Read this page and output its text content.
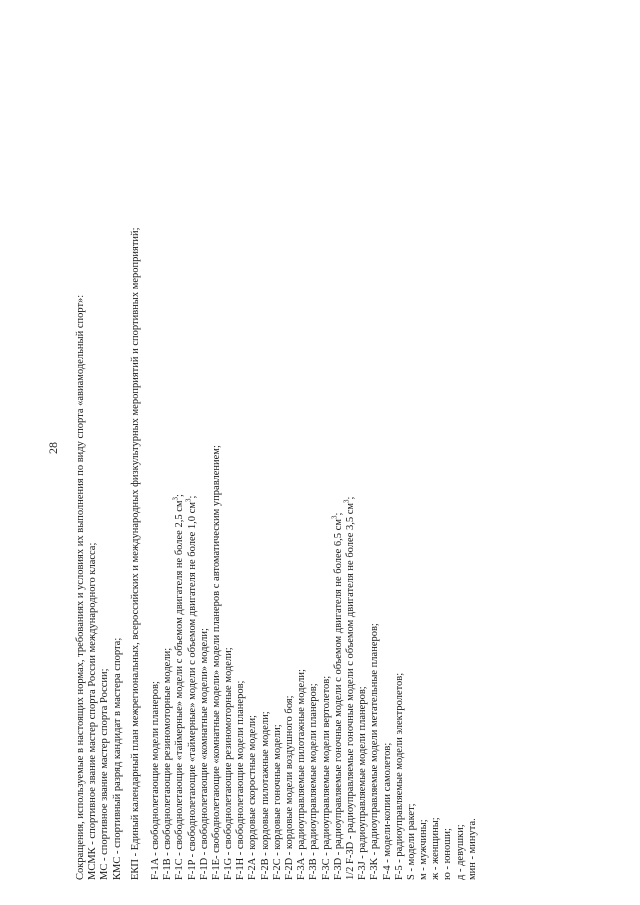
28	Сокращения, используемые в настоящих нормах, требованиях и условиях их выполнения по виду спорта «авиамодельный спорт»: МСМК - спортивное звание мастер спорта России международного класса; МС - спортивное звание мастер спорта России; КМС - спортивный разряд кандидат в мастера спорта; ЕКП - Единый календарный план межрегиональных, всероссийских и международных физкультурных мероприятий и спортивных мероприятий; F-1A - свободнолетающие модели планеров; F-1B - свободнолетающие резиномоторные модели; F-1C - свободнолетающие «таймерные» модели с объемом двигателя не более 2,5 $см^3$;
F-1P - свободнолетающие «таймерные» модели с объемом двигателя не более 1,0 $см^3$;
F-1D - свободнолетающие «комнатные модели» модели; F-1E- свободнолетающие «комнатные модели» модели планеров с автоматическим управлением; F-1G - свободнолетающие резиномоторные модели; F-1H - свободнолетающие модели планеров; F-2A - кордовые скоростные модели; F-2B - кордовые пилотажные модели; F-2C - кордовые гоночные модели; F-2D - кордовые модели воздушного боя; F-3A - радиоуправляемые пилотажные модели; F-3B - радиоуправляемые модели планеров; F-3C - радиоуправляемые модели вертолетов; F-3D - радиоуправляемые гоночные модели с объемом двигателя не более 6,5 $см^3$; 1/2 F-3D - радиоуправляемые гоночные модели с объемом двигателя не более 3,5 $см^3$;
F-3J - радиоуправляемые модели планеров; F-3K - радиоуправляемые модели метательные планеров; F-4 - модели-копии самолетов; F-5 - радиоуправляемые модели электролетов; S - модели ракет; м - мужчины; ж - женщины; ю - юноши; д - девушки; мин - минута.
